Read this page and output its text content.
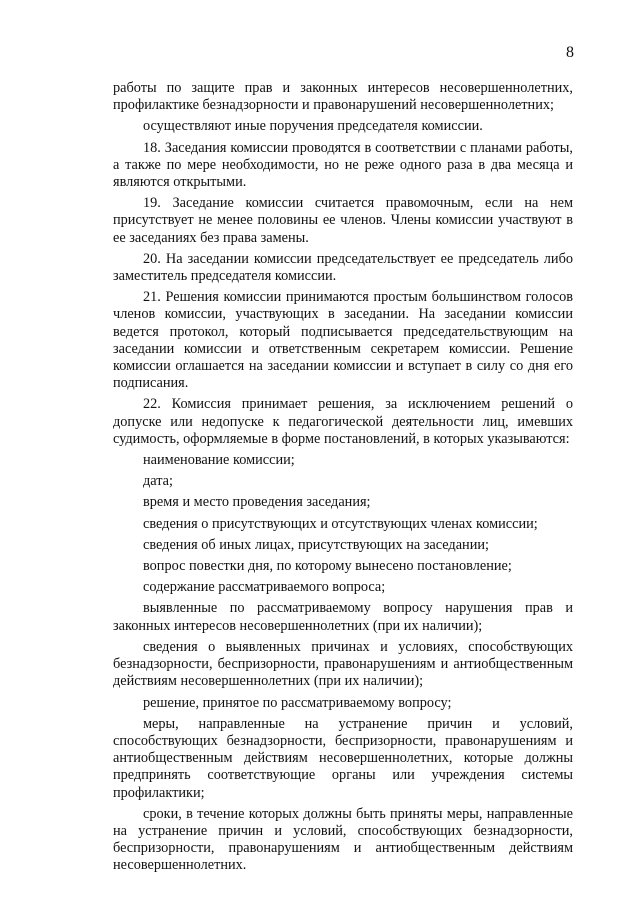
8

работы по защите прав и законных интересов несовершеннолетних, профилактике безнадзорности и правонарушений несовершеннолетних;

осуществляют иные поручения председателя комиссии.

18. Заседания комиссии проводятся в соответствии с планами работы, а также по мере необходимости, но не реже одного раза в два месяца и являются открытыми.

19. Заседание комиссии считается правомочным, если на нем присутствует не менее половины ее членов. Члены комиссии участвуют в ее заседаниях без права замены.

20. На заседании комиссии председательствует ее председатель либо заместитель председателя комиссии.

21. Решения комиссии принимаются простым большинством голосов членов комиссии, участвующих в заседании. На заседании комиссии ведется протокол, который подписывается председательствующим на заседании комиссии и ответственным секретарем комиссии. Решение комиссии оглашается на заседании комиссии и вступает в силу со дня его подписания.

22. Комиссия принимает решения, за исключением решений о допуске или недопуске к педагогической деятельности лиц, имевших судимость, оформляемые в форме постановлений, в которых указываются:

наименование комиссии;

дата;

время и место проведения заседания;

сведения о присутствующих и отсутствующих членах комиссии;

сведения об иных лицах, присутствующих на заседании;

вопрос повестки дня, по которому вынесено постановление;

содержание рассматриваемого вопроса;

выявленные по рассматриваемому вопросу нарушения прав и законных интересов несовершеннолетних (при их наличии);

сведения о выявленных причинах и условиях, способствующих безнадзорности, беспризорности, правонарушениям и антиобщественным действиям несовершеннолетних (при их наличии);

решение, принятое по рассматриваемому вопросу;

меры, направленные на устранение причин и условий, способствующих безнадзорности, беспризорности, правонарушениям и антиобщественным действиям несовершеннолетних, которые должны предпринять соответствующие органы или учреждения системы профилактики;

сроки, в течение которых должны быть приняты меры, направленные на устранение причин и условий, способствующих безнадзорности, беспризорности, правонарушениям и антиобщественным действиям несовершеннолетних.
